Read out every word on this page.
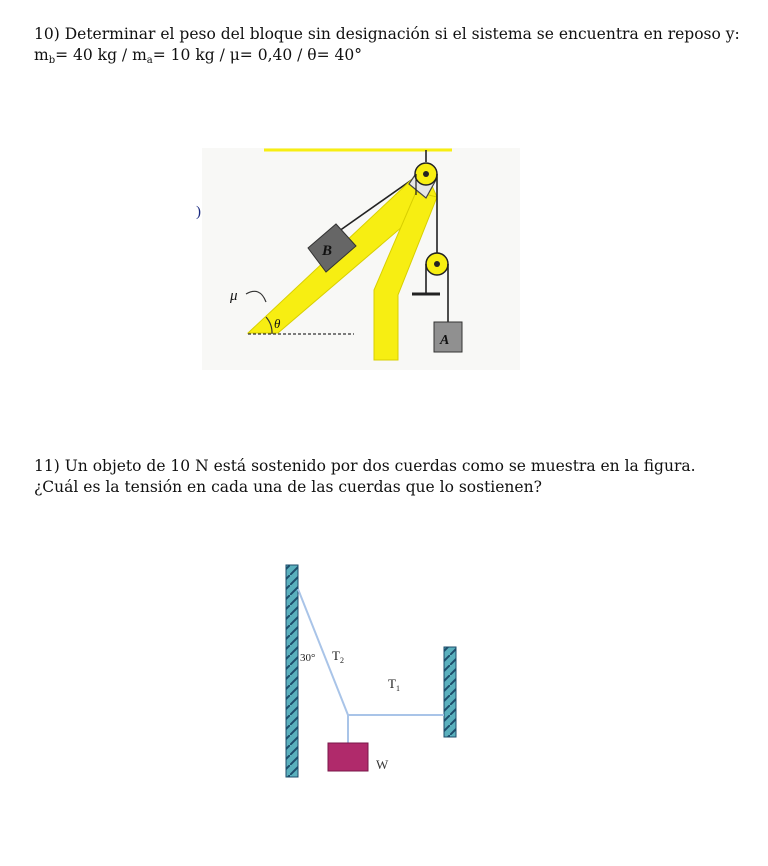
10) Determinar el peso del bloque sin designación si el sistema se encuentra en reposo y:
$m_b= 40$ kg / $m_a= 10$ kg / μ= 0,40 / θ= 40°
A
B
θ
μ
)
11) Un objeto de 10 N está sostenido por dos cuerdas como se muestra en la figura. ¿Cuál es la tensión en cada una de las cuerdas que lo sostienen?
W
30° $T_2$
$T_1$
